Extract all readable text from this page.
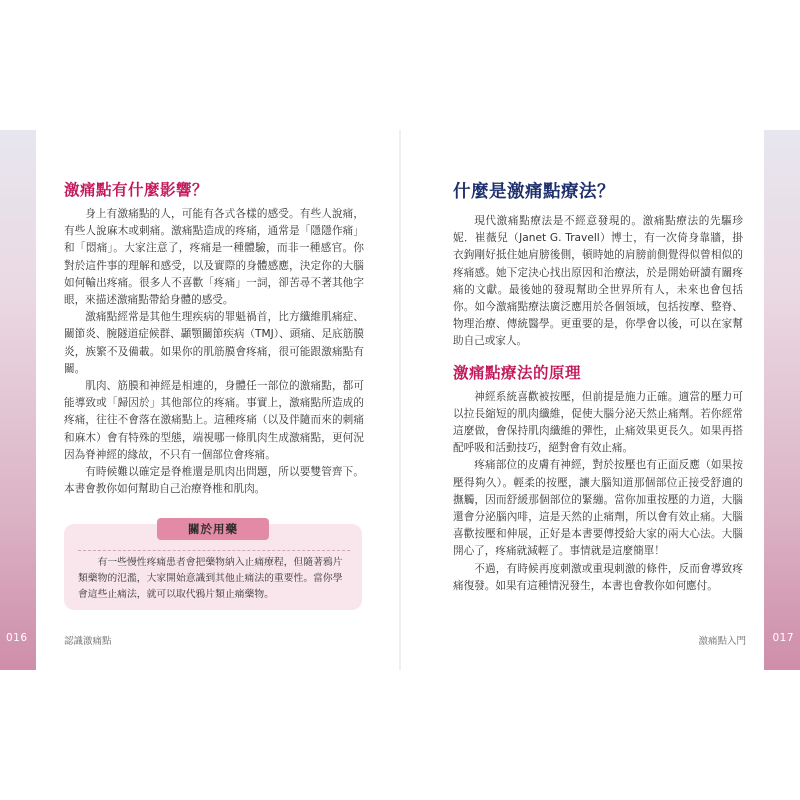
激痛點有什麼影響？

身上有激痛點的人，可能有各式各樣的感受。有些人說痛，有些人說麻木或刺痛。激痛點造成的疼痛，通常是「隱隱作痛」和「悶痛」。大家注意了，疼痛是一種體驗，而非一種感官。你對於這件事的理解和感受，以及實際的身體感應，決定你的大腦如何輸出疼痛。很多人不喜歡「疼痛」一詞，卻苦尋不著其他字眼，來描述激痛點帶給身體的感受。

激痛點經常是其他生理疾病的罪魁禍首，比方纖維肌痛症、關節炎、腕隧道症候群、顳顎關節疾病（TMJ）、頭痛、足底筋膜炎，族繁不及備載。如果你的肌筋膜會疼痛，很可能跟激痛點有關。

肌肉、筋膜和神經是相連的，身體任一部位的激痛點，都可能導致或「歸因於」其他部位的疼痛。事實上，激痛點所造成的疼痛，往往不會落在激痛點上。這種疼痛（以及伴隨而來的刺痛和麻木）會有特殊的型態，端視哪一條肌肉生成激痛點，更何況因為脊神經的緣故，不只有一個部位會疼痛。

有時候難以確定是脊椎還是肌肉出問題，所以要雙管齊下。本書會教你如何幫助自己治療脊椎和肌肉。

關於用藥
有一些慢性疼痛患者會把藥物納入止痛療程，但隨著鴉片類藥物的氾濫，大家開始意識到其他止痛法的重要性。當你學會這些止痛法，就可以取代鴉片類止痛藥物。
認識激痛點
什麼是激痛點療法？

現代激痛點療法是不經意發現的。激痛點療法的先驅珍妮．崔薇兒（Janet G. Travell）博士，有一次倚身靠牆，掛衣鉤剛好抵住她肩膀後側，頓時她的肩膀前側覺得似曾相似的疼痛感。她下定決心找出原因和治療法，於是開始研讀有關疼痛的文獻。最後她的發現幫助全世界所有人，未來也會包括你。如今激痛點療法廣泛應用於各個領域，包括按摩、整脊、物理治療、傳統醫學。更重要的是，你學會以後，可以在家幫助自己或家人。

激痛點療法的原理

神經系統喜歡被按壓，但前提是施力正確。適當的壓力可以拉長縮短的肌肉纖維，促使大腦分泌天然止痛劑。若你經常這麼做，會保持肌肉纖維的彈性，止痛效果更長久。如果再搭配呼吸和活動技巧，絕對會有效止痛。

疼痛部位的皮膚有神經，對於按壓也有正面反應（如果按壓得夠久）。輕柔的按壓，讓大腦知道那個部位正接受舒適的撫觸，因而舒緩那個部位的緊繃。當你加重按壓的力道，大腦還會分泌腦內啡，這是天然的止痛劑，所以會有效止痛。大腦喜歡按壓和伸展，正好是本書要傳授給大家的兩大心法。大腦開心了，疼痛就減輕了。事情就是這麼簡單！

不過，有時候再度刺激或重現刺激的條件，反而會導致疼痛復發。如果有這種情況發生，本書也會教你如何應付。

激痛點入門
016	017
